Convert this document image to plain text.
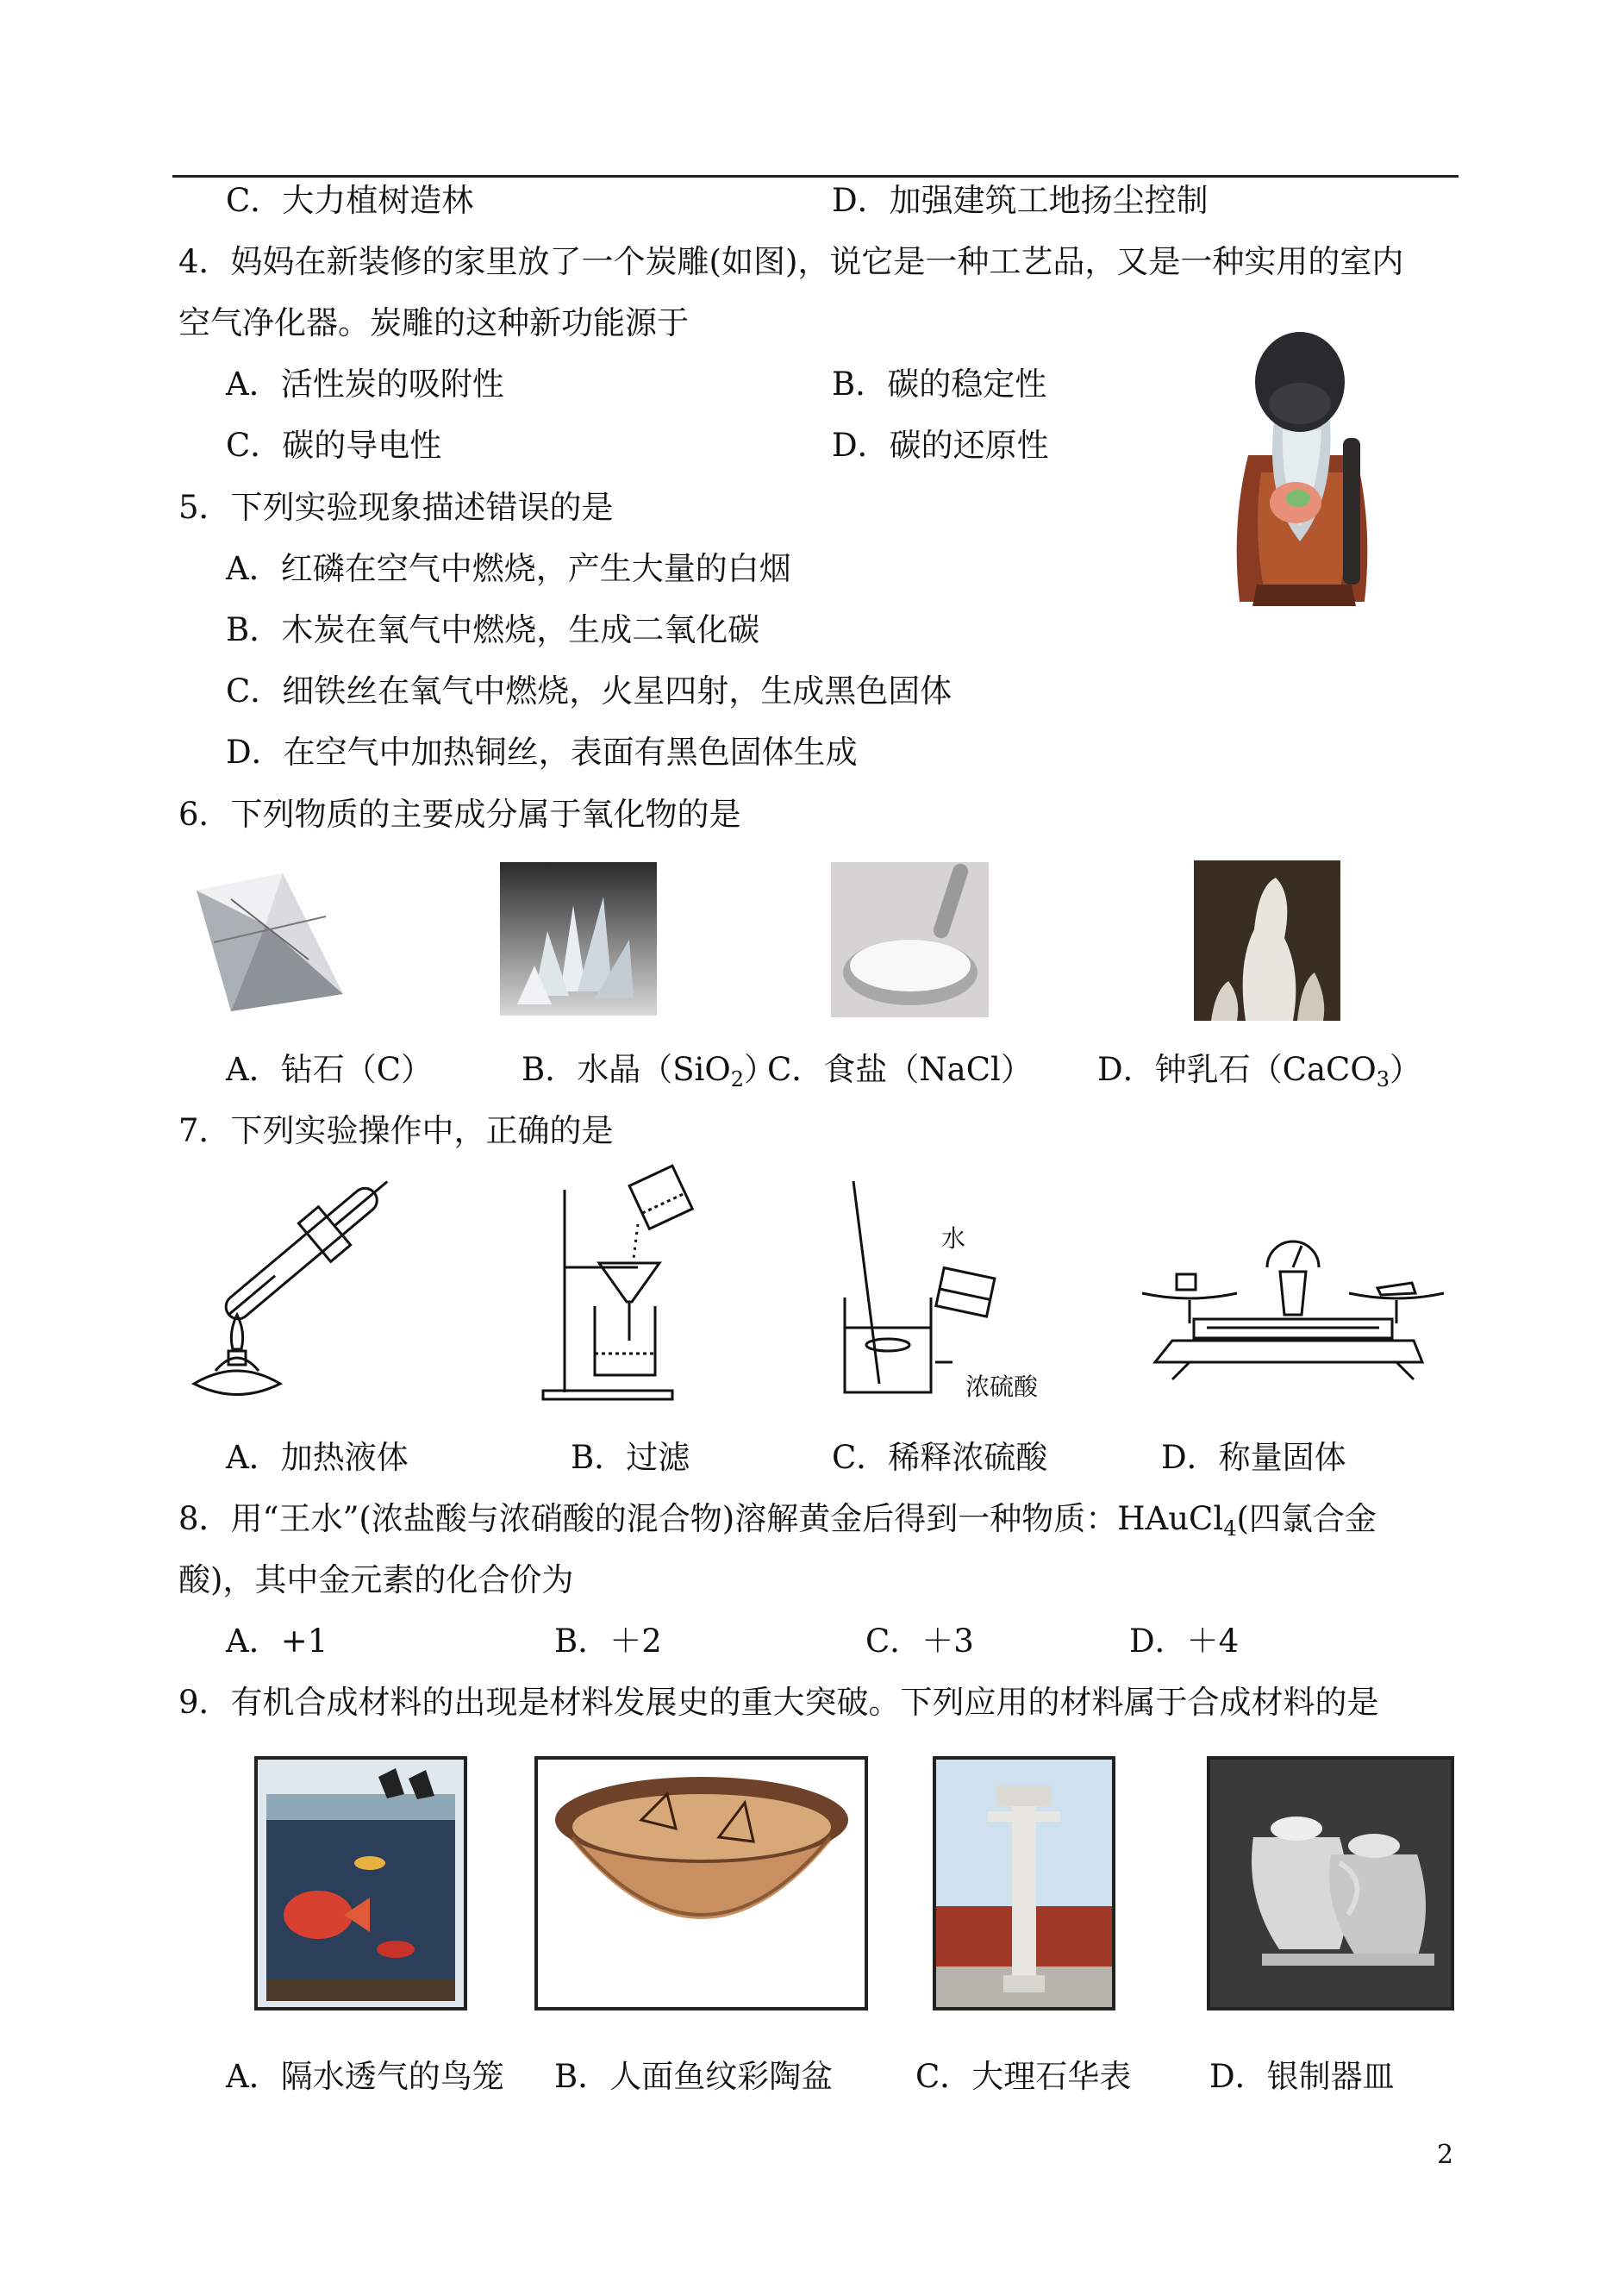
C．大力植树造林	D．加强建筑工地扬尘控制
4．妈妈在新装修的家里放了一个炭雕(如图)，说它是一种工艺品，又是一种实用的室内
空气净化器。炭雕的这种新功能源于
A．活性炭的吸附性	B．碳的稳定性
C．碳的导电性	D．碳的还原性
5．下列实验现象描述错误的是
A．红磷在空气中燃烧，产生大量的白烟
B．木炭在氧气中燃烧，生成二氧化碳
C．细铁丝在氧气中燃烧，火星四射，生成黑色固体
D．在空气中加热铜丝，表面有黑色固体生成
6．下列物质的主要成分属于氧化物的是
A．钻石（C）	B．水晶（SiO$_2$）
C．食盐（NaCl） D．钟乳石（CaCO$_3$）
7．下列实验操作中，正确的是
水
浓硫酸
A．加热液体	B．过滤	C．稀释浓硫酸	D．称量固体
8．用“王水”(浓盐酸与浓硝酸的混合物)溶解黄金后得到一种物质：HAuCl$_4$(四氯合金
酸)，其中金元素的化合价为
A．+1	B．＋2	C．＋3	D．＋4
9．有机合成材料的出现是材料发展史的重大突破。下列应用的材料属于合成材料的是
A．隔水透气的鸟笼 B．人面鱼纹彩陶盆	C．大理石华表 D．银制器皿
2
